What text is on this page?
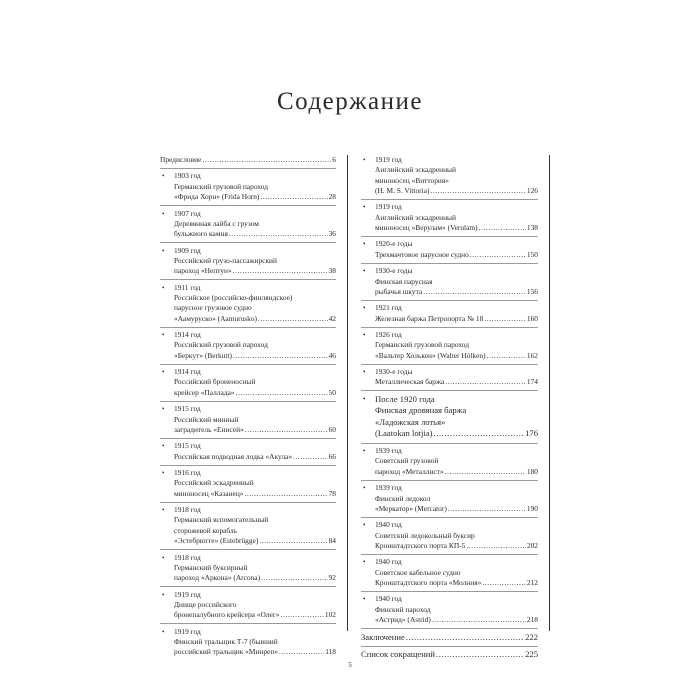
Содержание
Предисловие .....	6
• 1903 год
Германский грузовой пароход
«Фрида Хорн» (Frida Horn) .....	28
• 1907 год
Деревянная лайба с грузом
бульжного камня .....	36
• 1909 год
Российский грузо-пассажирский
пароход «Нептун» .....	38
• 1911 год
Российское (российско-финляндское)
парусное грузовое судно
«Аамуруско» (Aamurusko) .....	42
• 1914 год
Российский грузовой пароход
«Беркут» (Berkutt) .....	46
• 1914 год
Российский броненосный
крейсер «Паллада» .....	50
• 1915 год
Российский минный
заградитель «Енисей» .....	60
• 1915 год
Российская подводная лодка «Акула» .....	66
• 1916 год
Российский эскадренный
миноносец «Казанец» .....	78
• 1918 год
Германский вспомогательный
сторожевой корабль
«Эстебрюгге» (Estebrügge) .....	84
• 1918 год
Германский буксирный
пароход «Аркона» (Arcona) .....	92
• 1919 год
Днище российского
бронепалубного крейсера «Олег» .....	102
• 1919 год
Финский тральщик Т-7 (бывший
российский тральщик «Минреп» .....	118
• 1919 год
Английский эскадренный
миноносец «Виттория»
(H. M. S. Vittoria) .....	126
• 1919 год
Английский эскадренный
миноносец «Верулам» (Verulam) .....	138
• 1920-е годы
Трехмачтовое парусное судно .....	150
• 1930-е годы
Финская парусная
рыбачья шкута .....	156
• 1921 год
Железная баржа Петропорта № 18 .....	160
• 1926 год
Германский грузовой пароход
«Вальтер Холькен» (Walter Hölken) .....	162
• 1930-е годы
Металлическая баржа .....	174
• После 1920 года
Финская дровяная баржа
«Ладожская лотья»
(Laatokan lotjia) .....	176
• 1939 год
Советский грузовой
пароход «Металлист» .....	180
• 1939 год
Финский ледокол
«Меркатор» (Mercator) .....	190
• 1940 год
Советский ледокольный буксир
Кронштадтского порта КП-5 .....	202
• 1940 год
Советское кабельное судно
Кронштадтского порта «Молния» .....	212
• 1940 год
Финский пароход
«Астрид» (Astrid) .....	218
Заключение .....	222
Список сокращений .....	225
5
